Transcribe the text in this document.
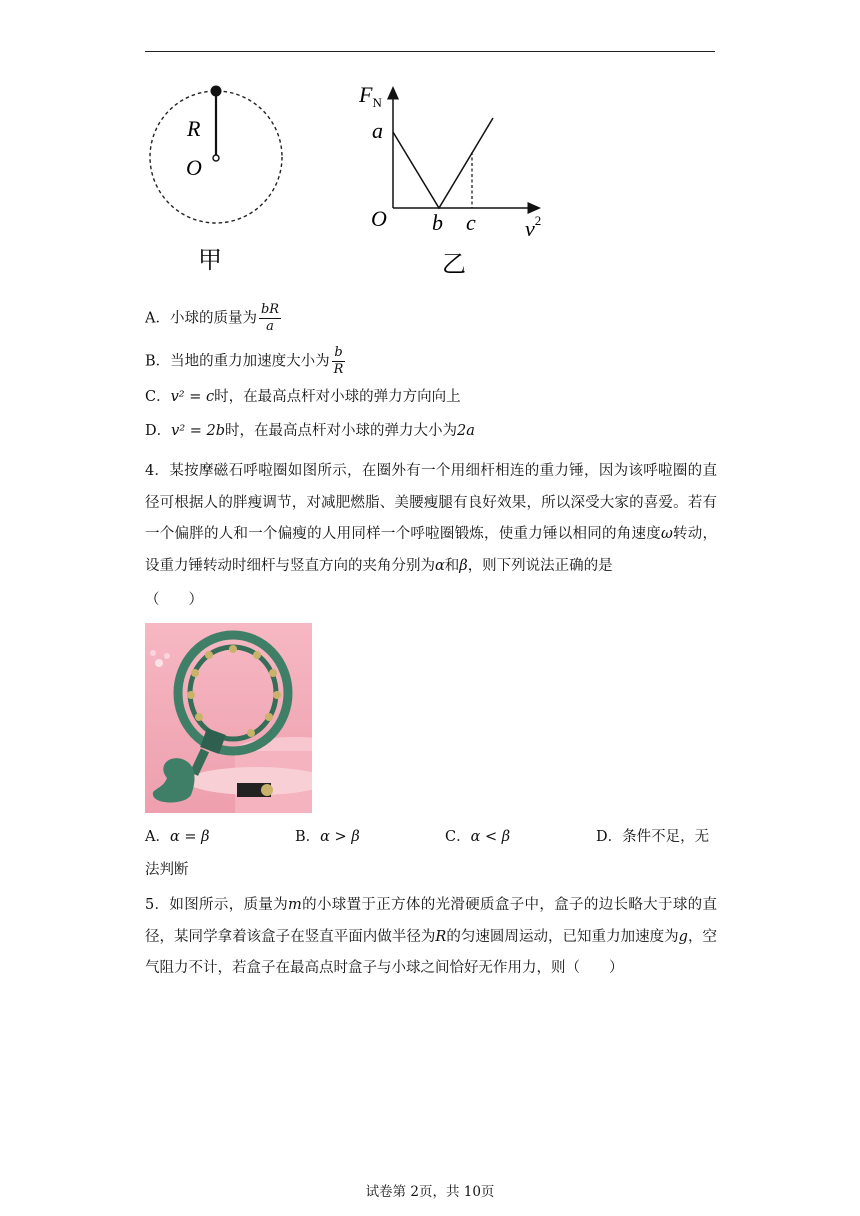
R
O
甲
$F_N$
a
O b c $v^2$
乙
A．小球的质量为 $\frac{bR}{a}$
B．当地的重力加速度大小为 $\frac{b}{R}$
C．v² = c时，在最高点杆对小球的弹力方向向上
D．v² = 2b时，在最高点杆对小球的弹力大小为2a
4．某按摩磁石呼啦圈如图所示，在圈外有一个用细杆相连的重力锤，因为该呼啦圈的直径可根据人的胖瘦调节，对减肥燃脂、美腰瘦腿有良好效果，所以深受大家的喜爱。若有一个偏胖的人和一个偏瘦的人用同样一个呼啦圈锻炼，使重力锤以相同的角速度ω转动，设重力锤转动时细杆与竖直方向的夹角分别为α和β，则下列说法正确的是
（　　）
A．α = β	B．α > β	C．α < β	D．条件不足，无
法判断
5．如图所示，质量为m的小球置于正方体的光滑硬质盒子中，盒子的边长略大于球的直径，某同学拿着该盒子在竖直平面内做半径为R的匀速圆周运动，已知重力加速度为g，空气阻力不计，若盒子在最高点时盒子与小球之间恰好无作用力，则（　　）
试卷第 2页，共 10页
